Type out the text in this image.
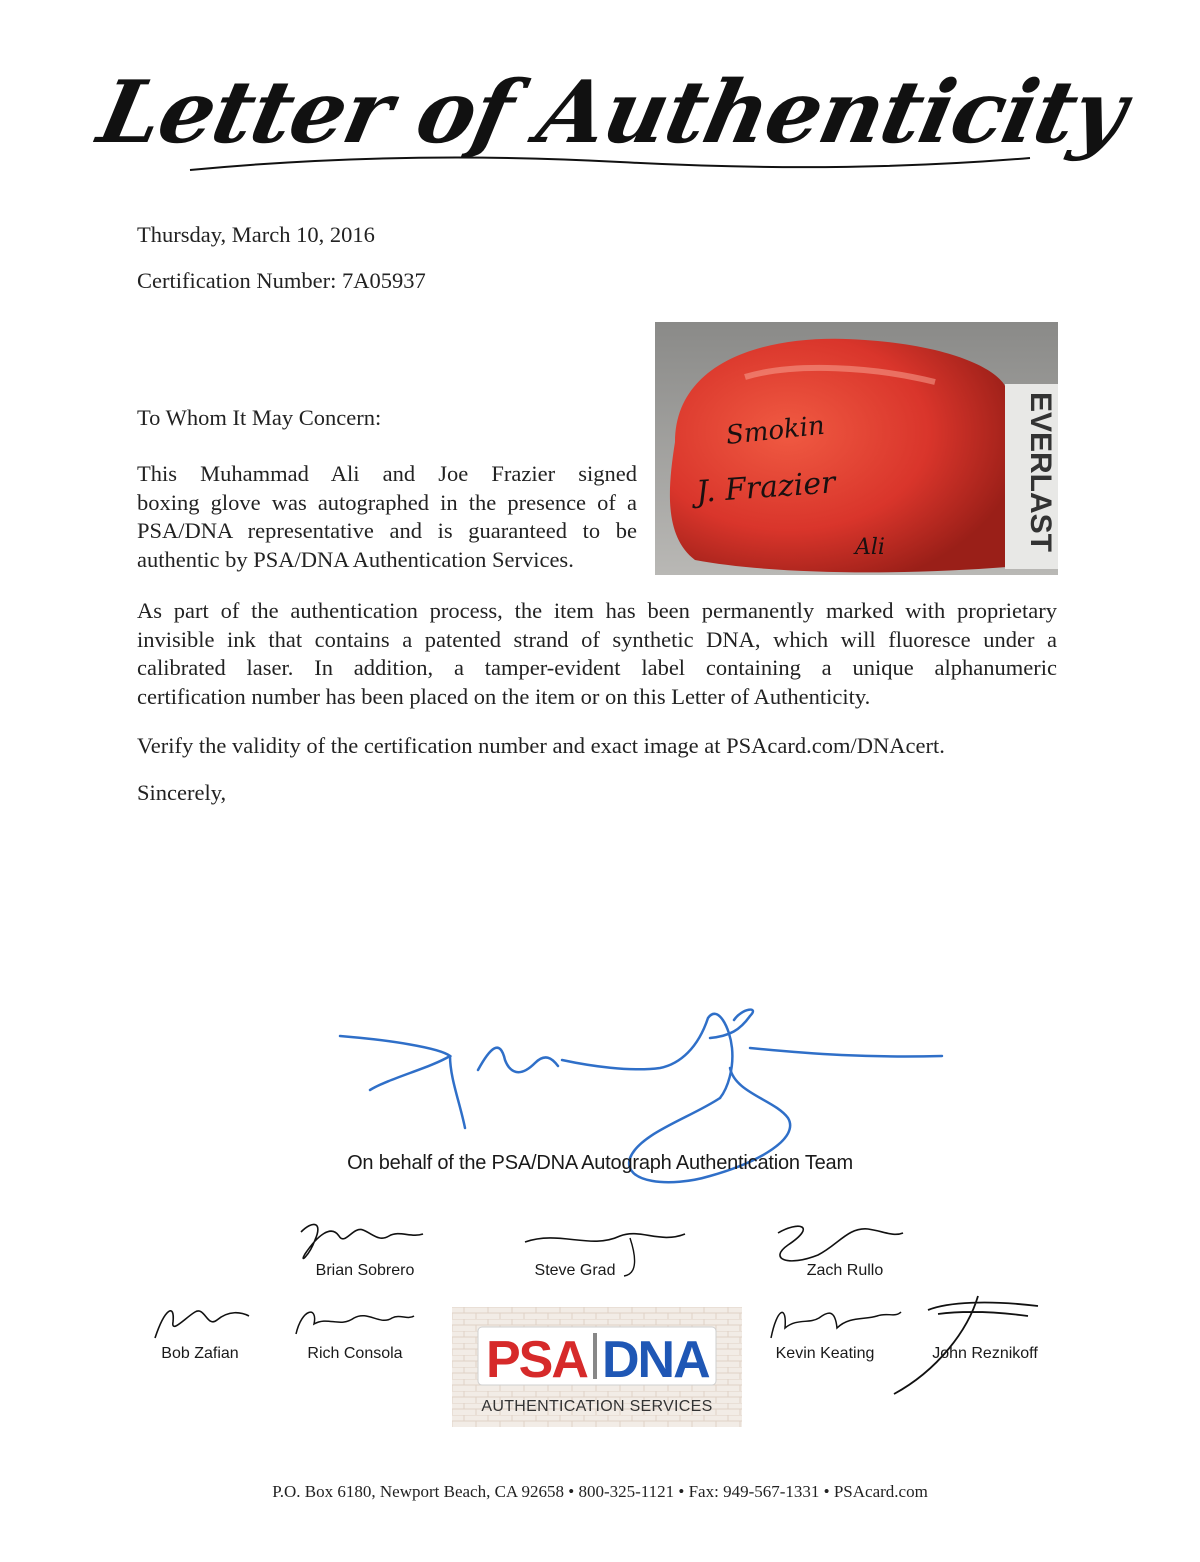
Letter of Authenticity
Thursday, March 10, 2016
Certification Number: 7A05937
EVERLAST
Smokin
J. Frazier
Ali
To Whom It May Concern:
This Muhammad Ali and Joe Frazier signed
boxing glove was autographed in the presence of a
PSA/DNA representative and is guaranteed to be
authentic by PSA/DNA Authentication Services.
As part of the authentication process, the item has been permanently marked with proprietary
invisible ink that contains a patented strand of synthetic DNA, which will fluoresce under a
calibrated laser. In addition, a tamper-evident label containing a unique alphanumeric
certification number has been placed on the item or on this Letter of Authenticity.
Verify the validity of the certification number and exact image at PSAcard.com/DNAcert.
Sincerely,
On behalf of the PSA/DNA Autograph Authentication Team
Brian Sobrero	Steve Grad	Zach Rullo
Bob Zafian	Rich Consola	Kevin Keating	John Reznikoff
PSA DNA
AUTHENTICATION SERVICES
P.O. Box 6180, Newport Beach, CA 92658 • 800-325-1121 • Fax: 949-567-1331 • PSAcard.com
